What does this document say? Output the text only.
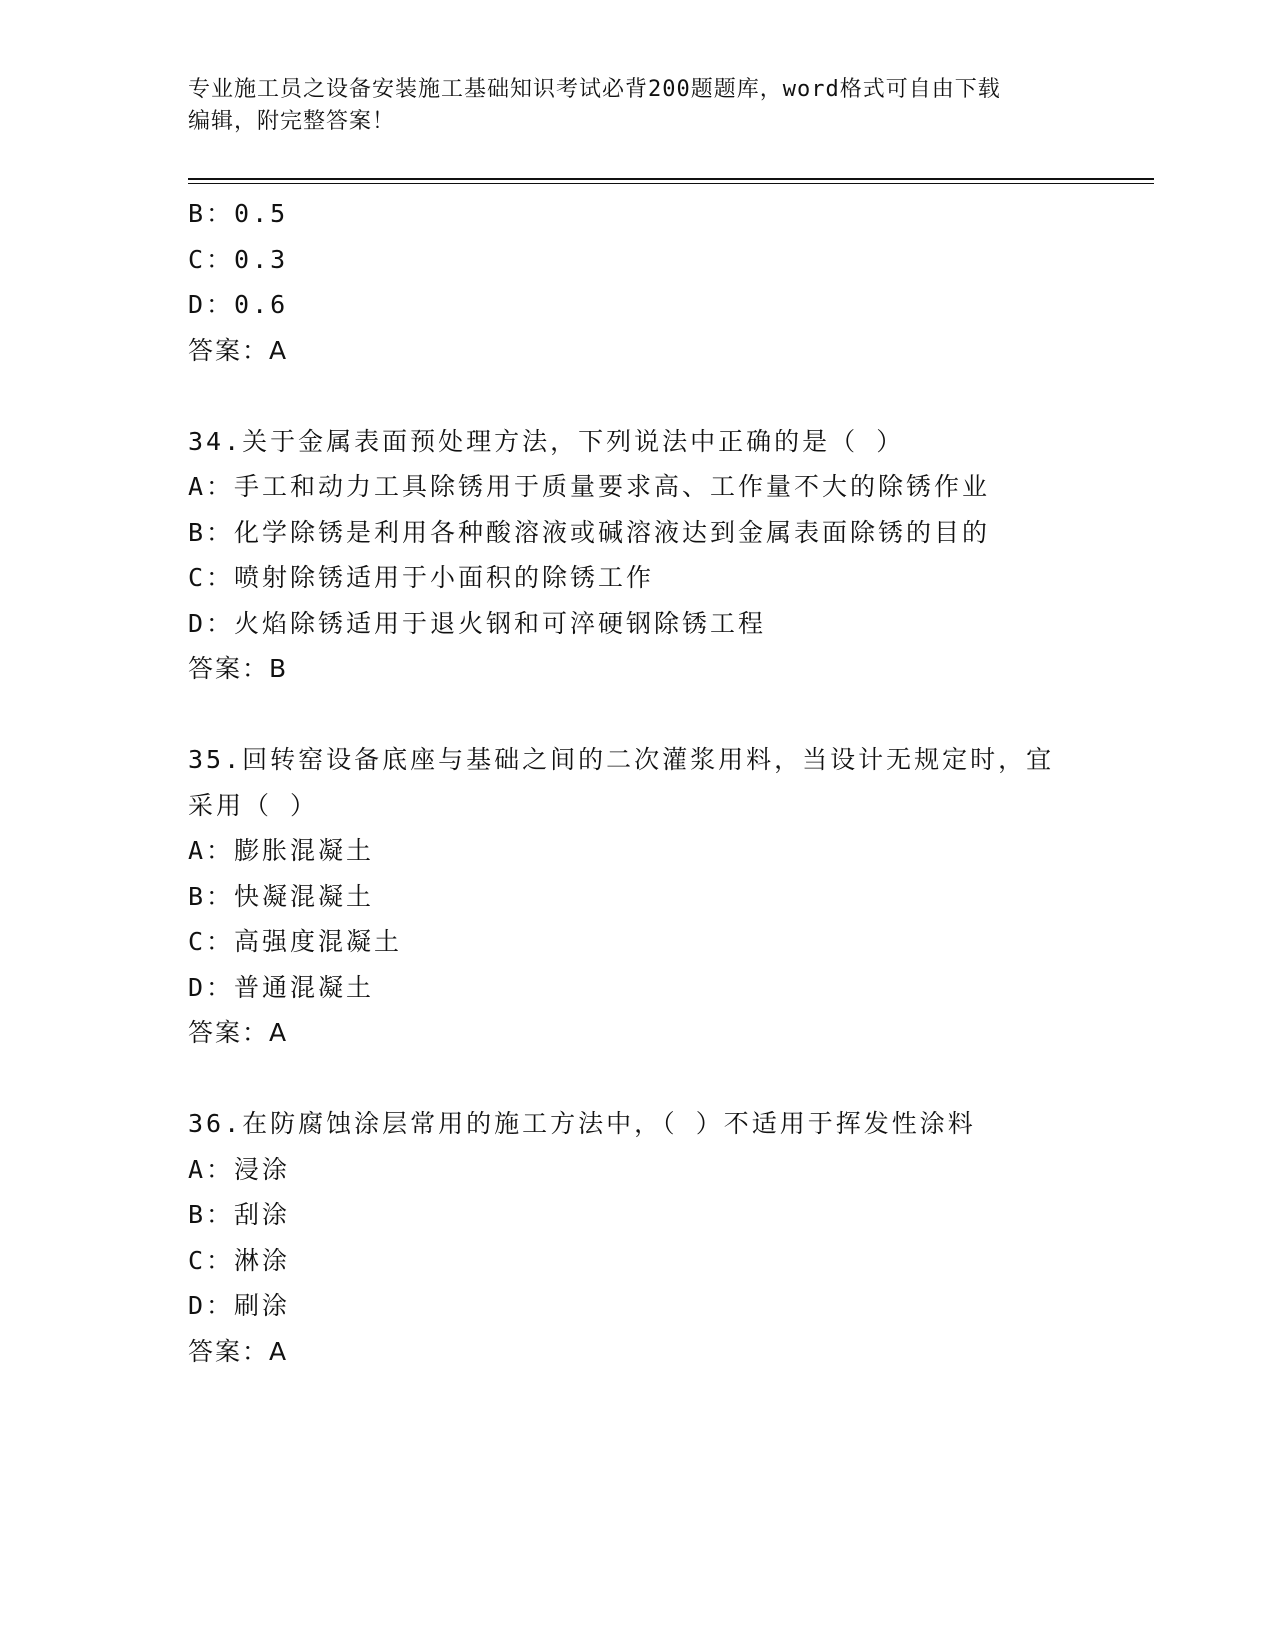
专业施工员之设备安装施工基础知识考试必背200题题库，word格式可自由下载
编辑，附完整答案！
B：0.5
C：0.3
D：0.6
答案：A
34.关于金属表面预处理方法，下列说法中正确的是（ ）
A：手工和动力工具除锈用于质量要求高、工作量不大的除锈作业
B：化学除锈是利用各种酸溶液或碱溶液达到金属表面除锈的目的
C：喷射除锈适用于小面积的除锈工作
D：火焰除锈适用于退火钢和可淬硬钢除锈工程
答案：B
35.回转窑设备底座与基础之间的二次灌浆用料，当设计无规定时，宜
采用（ ）
A：膨胀混凝土
B：快凝混凝土
C：高强度混凝土
D：普通混凝土
答案：A
36.在防腐蚀涂层常用的施工方法中，（ ）不适用于挥发性涂料
A：浸涂
B：刮涂
C：淋涂
D：刷涂
答案：A
